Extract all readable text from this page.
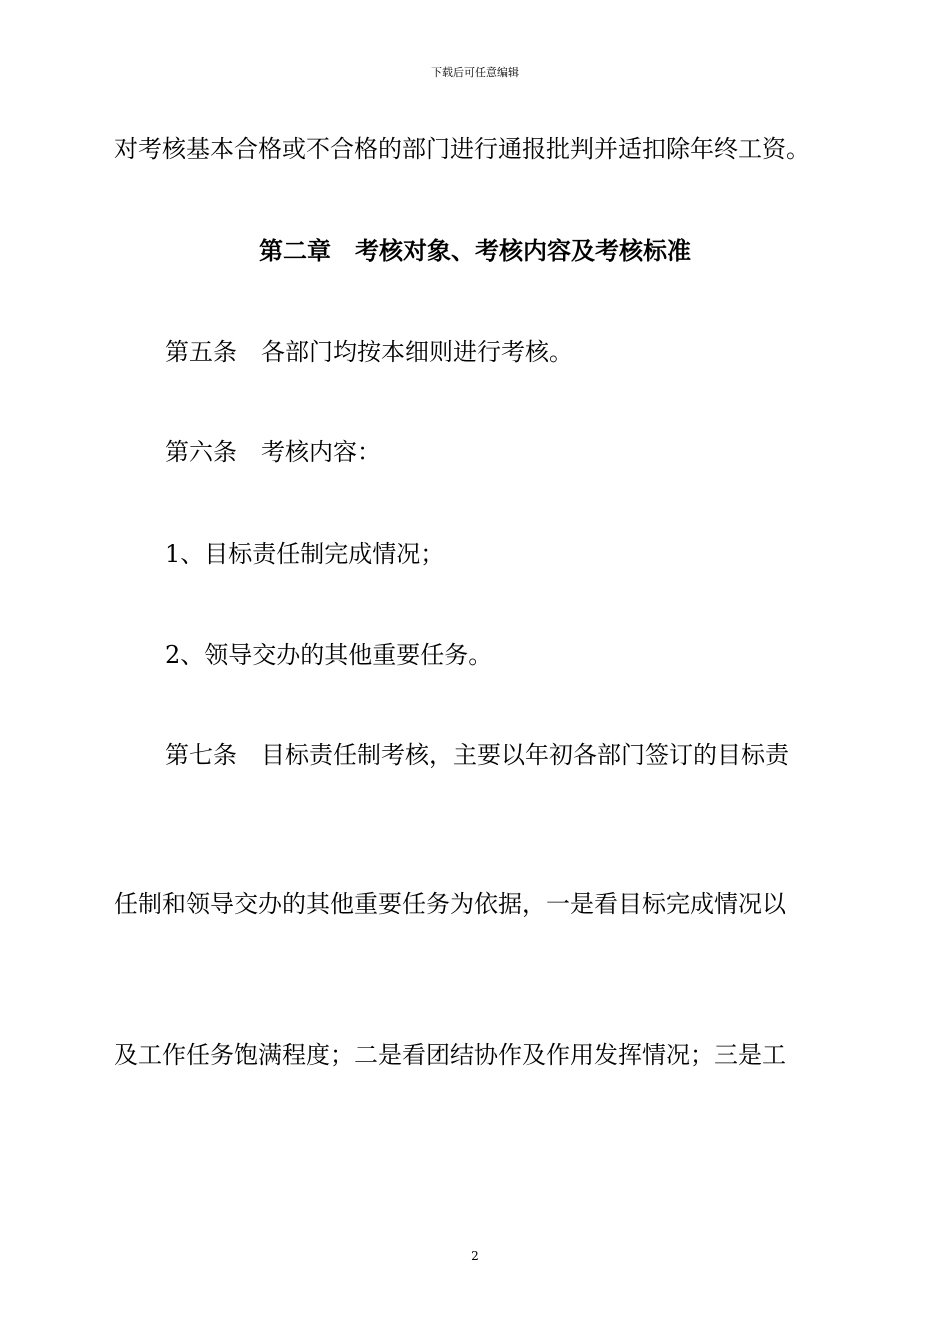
下载后可任意编辑
对考核基本合格或不合格的部门进行通报批判并适扣除年终工资。
第二章　考核对象、考核内容及考核标准
第五条　各部门均按本细则进行考核。
第六条　考核内容：
1、目标责任制完成情况；
2、领导交办的其他重要任务。
第七条　目标责任制考核，主要以年初各部门签订的目标责
任制和领导交办的其他重要任务为依据，一是看目标完成情况以
及工作任务饱满程度；二是看团结协作及作用发挥情况；三是工
2
